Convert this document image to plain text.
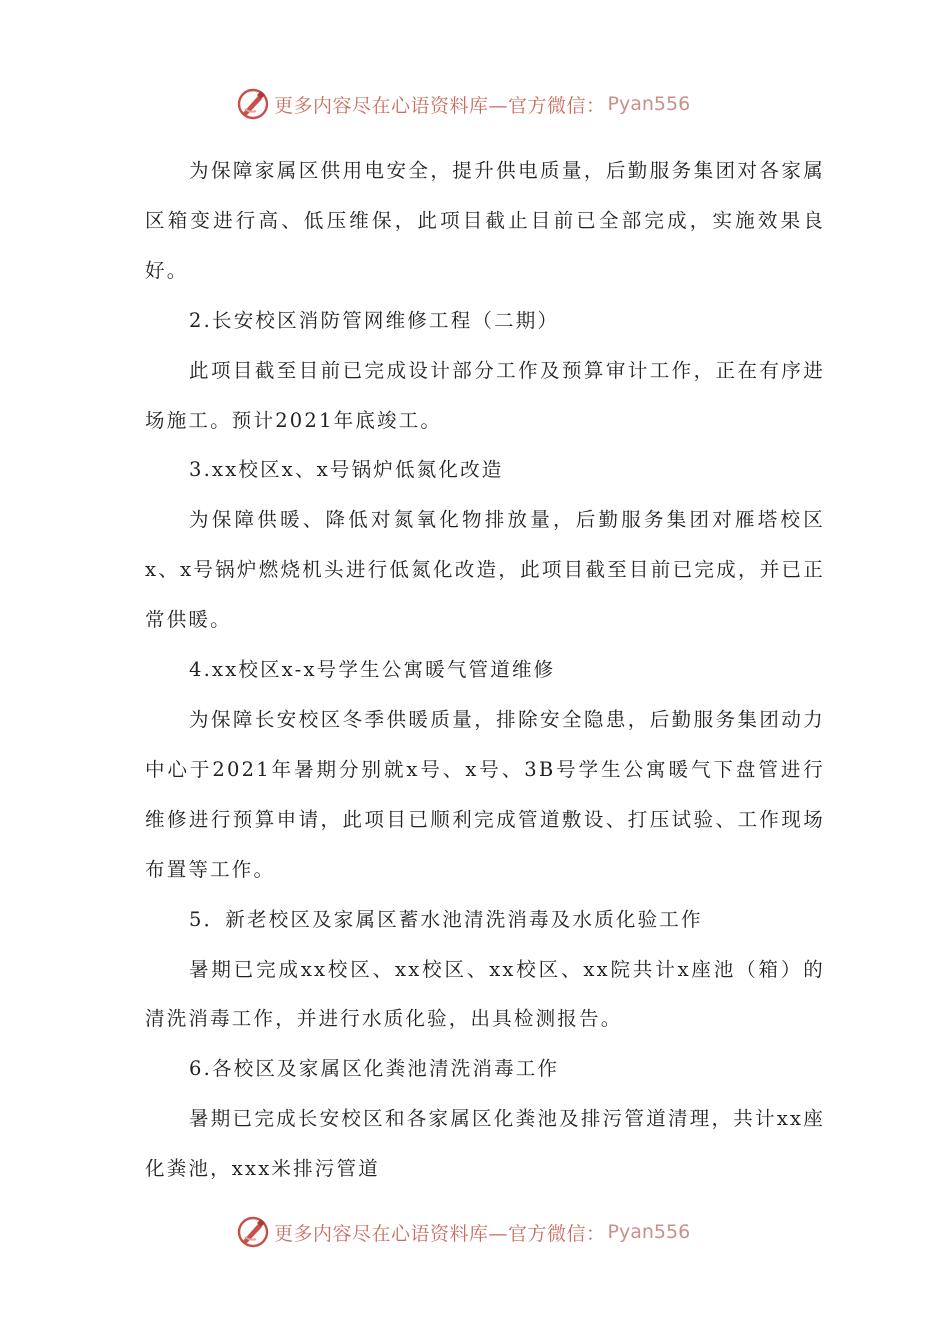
更多内容尽在心语资料库—官方微信： Pyan556

为保障家属区供用电安全，提升供电质量，后勤服务集团对各家属区箱变进行高、低压维保，此项目截止目前已全部完成，实施效果良好。

2.长安校区消防管网维修工程（二期）

此项目截至目前已完成设计部分工作及预算审计工作，正在有序进场施工。预计2021年底竣工。

3.xx校区x、x号锅炉低氮化改造

为保障供暖、降低对氮氧化物排放量，后勤服务集团对雁塔校区x、x号锅炉燃烧机头进行低氮化改造，此项目截至目前已完成，并已正常供暖。

4.xx校区x-x号学生公寓暖气管道维修

为保障长安校区冬季供暖质量，排除安全隐患，后勤服务集团动力中心于2021年暑期分别就x号、x号、3B号学生公寓暖气下盘管进行维修进行预算申请，此项目已顺利完成管道敷设、打压试验、工作现场布置等工作。

5．新老校区及家属区蓄水池清洗消毒及水质化验工作

暑期已完成xx校区、xx校区、xx校区、xx院共计x座池（箱）的清洗消毒工作，并进行水质化验，出具检测报告。

6.各校区及家属区化粪池清洗消毒工作

暑期已完成长安校区和各家属区化粪池及排污管道清理，共计xx座化粪池，xxx米排污管道

更多内容尽在心语资料库—官方微信： Pyan556
